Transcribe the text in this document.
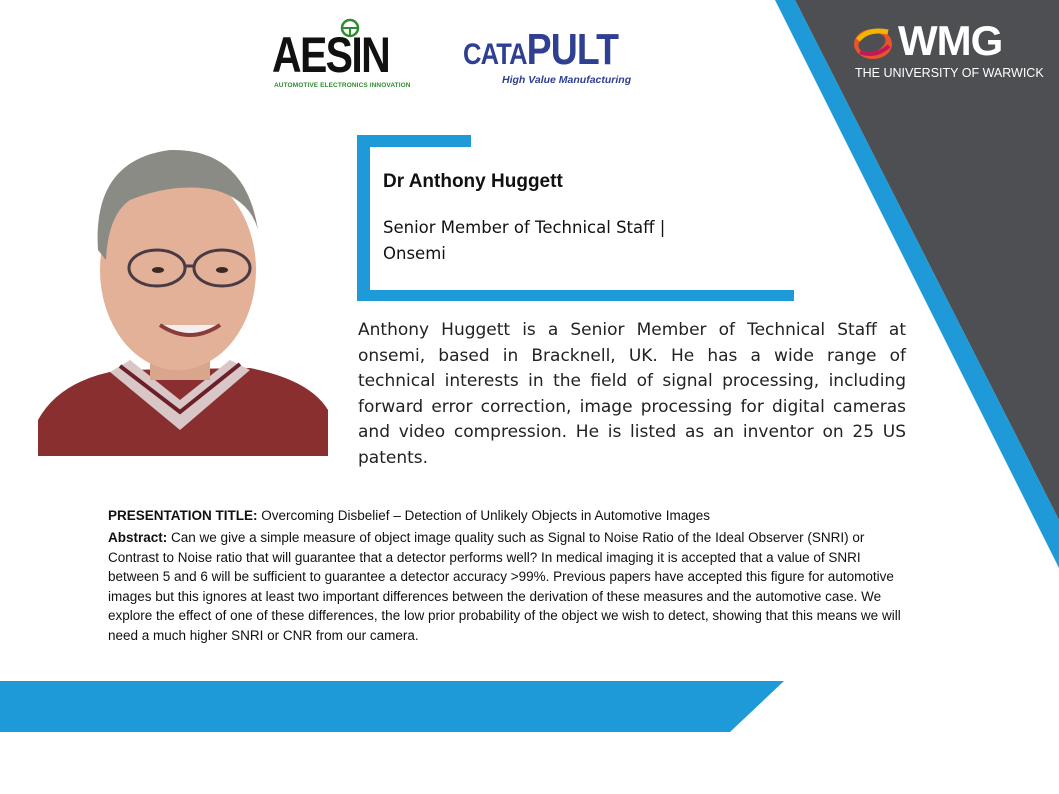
AESIN
AUTOMOTIVE ELECTRONICS INNOVATION
CATAPULT
High Value Manufacturing
WMG
THE UNIVERSITY OF WARWICK
Dr Anthony Huggett
Senior Member of Technical Staff | Onsemi
Anthony Huggett is a Senior Member of Technical Staff at onsemi, based in Bracknell, UK. He has a wide range of technical interests in the field of signal processing, including forward error correction, image processing for digital cameras and video compression. He is listed as an inventor on 25 US patents.
PRESENTATION TITLE: Overcoming Disbelief – Detection of Unlikely Objects in Automotive Images
Abstract: Can we give a simple measure of object image quality such as Signal to Noise Ratio of the Ideal Observer (SNRI) or Contrast to Noise ratio that will guarantee that a detector performs well? In medical imaging it is accepted that a value of SNRI between 5 and 6 will be sufficient to guarantee a detector accuracy >99%. Previous papers have accepted this figure for automotive images but this ignores at least two important differences between the derivation of these measures and the automotive case. We explore the effect of one of these differences, the low prior probability of the object we wish to detect, showing that this means we will need a much higher SNRI or CNR from our camera.
